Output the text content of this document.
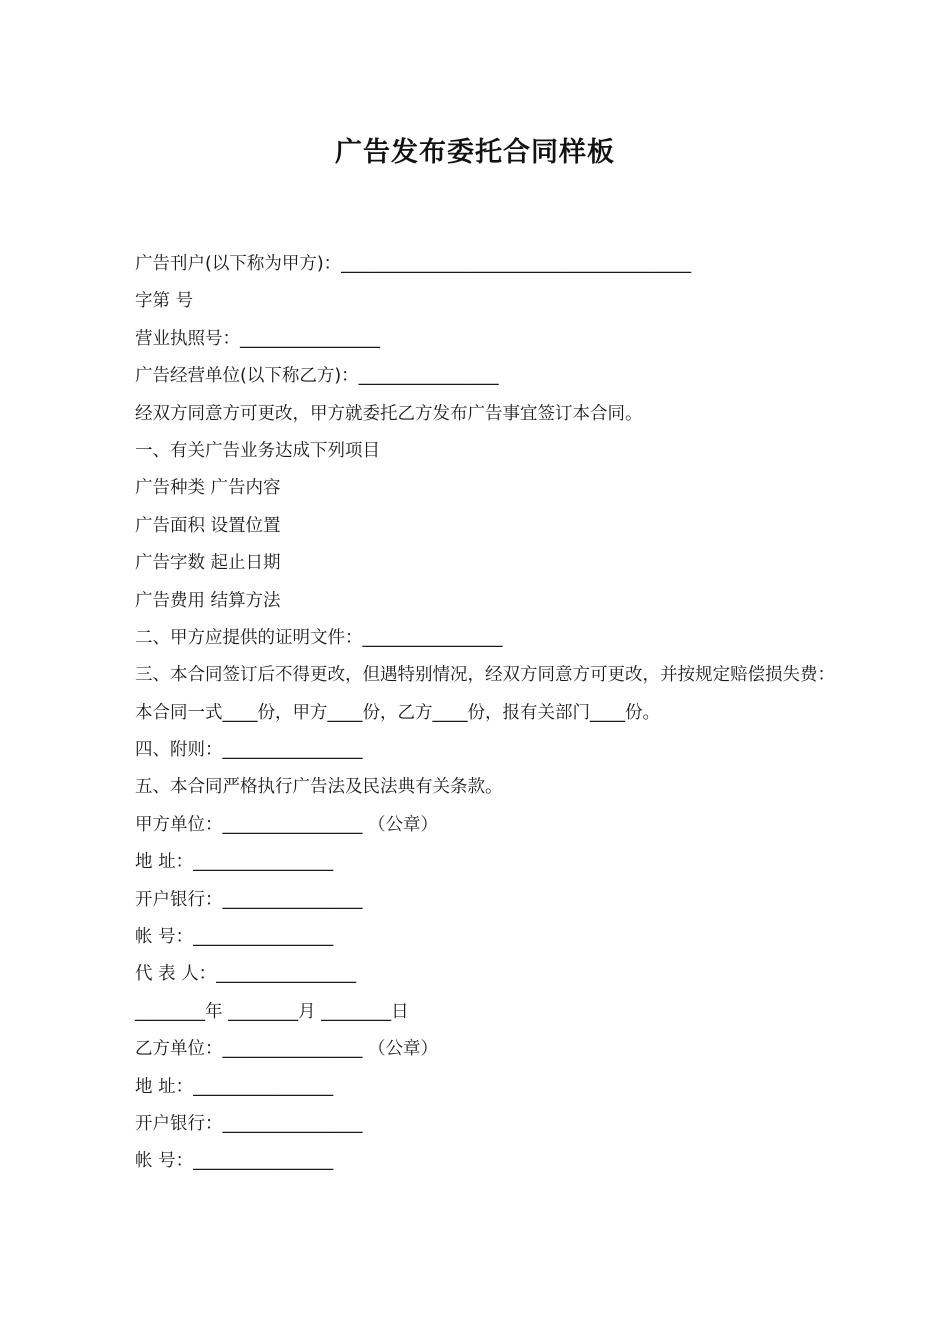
广告发布委托合同样板
广告刊户(以下称为甲方)：________________________________________
字第 号
营业执照号：________________
广告经营单位(以下称乙方)：________________
经双方同意方可更改，甲方就委托乙方发布广告事宜签订本合同。
一、有关广告业务达成下列项目
广告种类 广告内容
广告面积 设置位置
广告字数 起止日期
广告费用 结算方法
二、甲方应提供的证明文件：________________
三、本合同签订后不得更改，但遇特别情况，经双方同意方可更改，并按规定赔偿损失费：
本合同一式____份，甲方____份，乙方____份，报有关部门____份。
四、附则：________________
五、本合同严格执行广告法及民法典有关条款。
甲方单位：________________ （公章）
地 址：________________
开户银行：________________
帐 号：________________
代 表 人：________________
________年 ________月 ________日
乙方单位：________________ （公章）
地 址：________________
开户银行：________________
帐 号：________________
